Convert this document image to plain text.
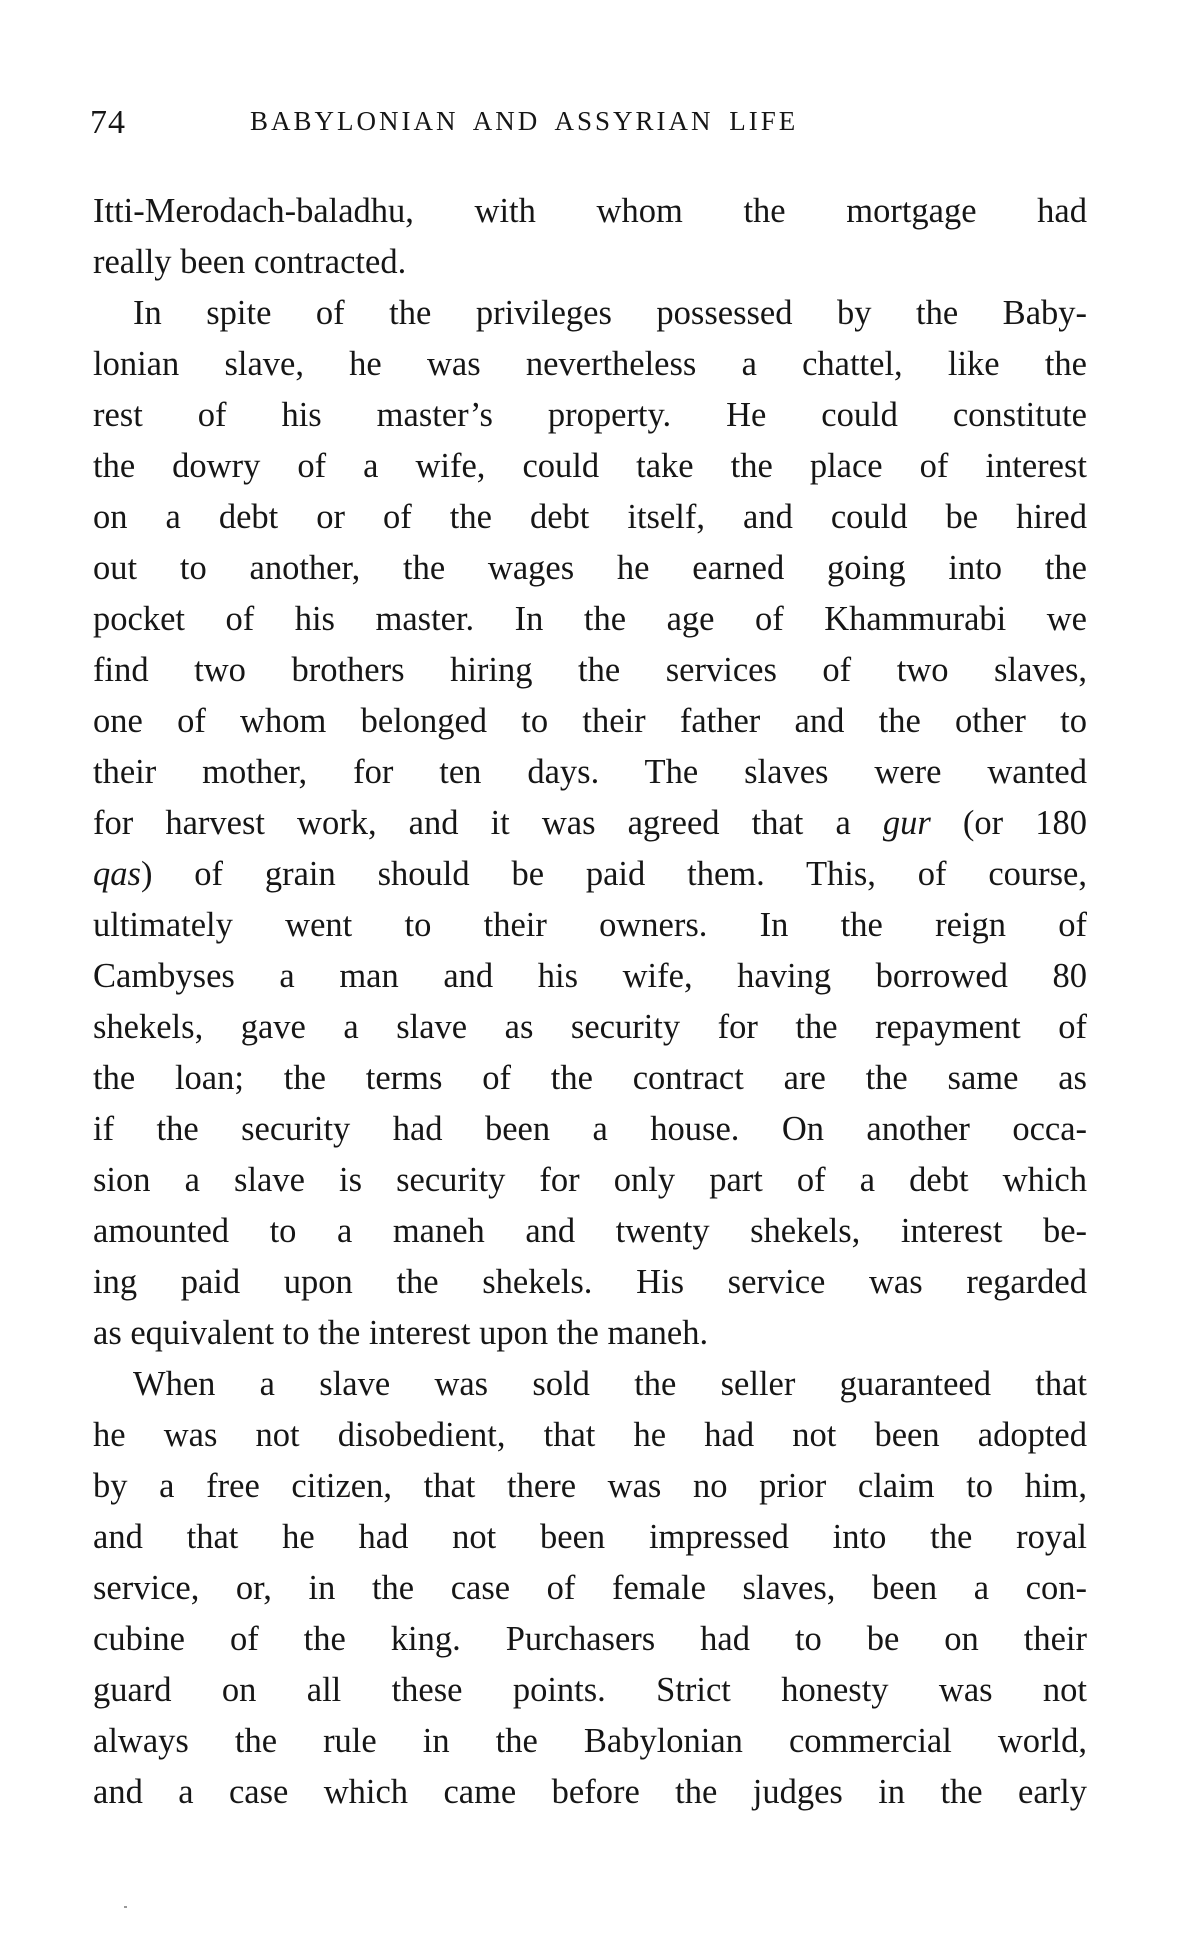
74	BABYLONIAN AND ASSYRIAN LIFE
Itti-Merodach-baladhu, with whom the mortgage had
really been contracted.
In spite of the privileges possessed by the Baby-
lonian slave, he was nevertheless a chattel, like the
rest of his master’s property. He could constitute
the dowry of a wife, could take the place of interest
on a debt or of the debt itself, and could be hired
out to another, the wages he earned going into the
pocket of his master. In the age of Khammurabi we
find two brothers hiring the services of two slaves,
one of whom belonged to their father and the other to
their mother, for ten days. The slaves were wanted
for harvest work, and it was agreed that a gur (or 180
qas) of grain should be paid them. This, of course,
ultimately went to their owners. In the reign of
Cambyses a man and his wife, having borrowed 80
shekels, gave a slave as security for the repayment of
the loan; the terms of the contract are the same as
if the security had been a house. On another occa-
sion a slave is security for only part of a debt which
amounted to a maneh and twenty shekels, interest be-
ing paid upon the shekels. His service was regarded
as equivalent to the interest upon the maneh.
When a slave was sold the seller guaranteed that
he was not disobedient, that he had not been adopted
by a free citizen, that there was no prior claim to him,
and that he had not been impressed into the royal
service, or, in the case of female slaves, been a con-
cubine of the king. Purchasers had to be on their
guard on all these points. Strict honesty was not
always the rule in the Babylonian commercial world,
and a case which came before the judges in the early
